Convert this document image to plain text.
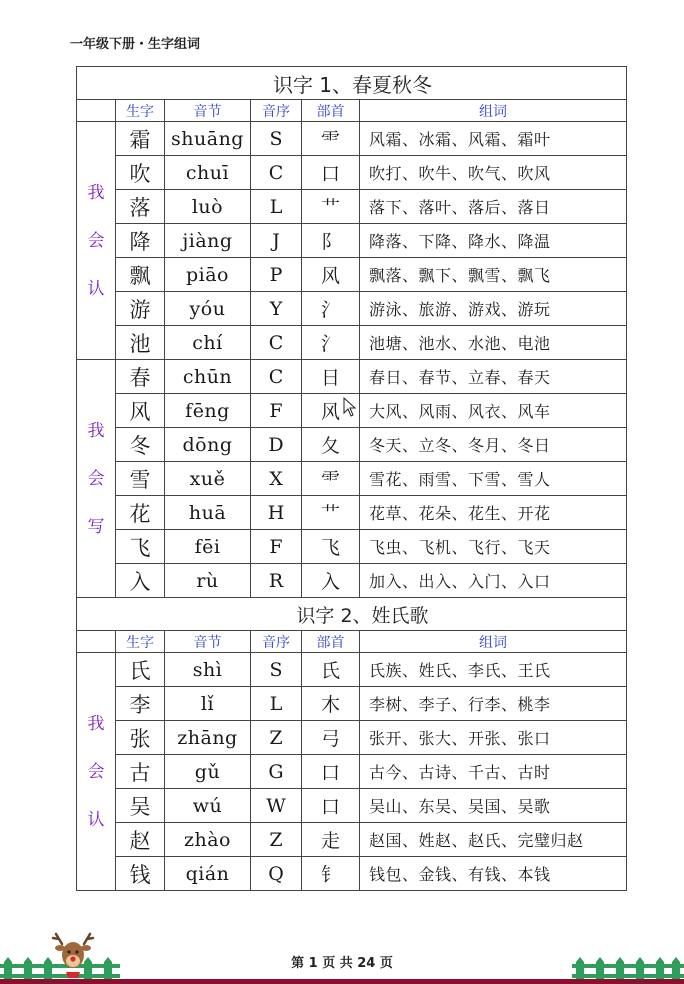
一年级下册・生字组词
识字 1、春夏秋冬					
	生字	音节	音序	部首	组词

我
会
认	霜	shuāng	S	⻗	风霜、冰霜、风霜、霜叶
	吹	chuī	C	口	吹打、吹牛、吹气、吹风
	落	luò	L	艹	落下、落叶、落后、落日
	降	jiàng	J	阝	降落、下降、降水、降温
	飘	piāo	P	风	飘落、飘下、飘雪、飘飞
	游	yóu	Y	氵	游泳、旅游、游戏、游玩
	池	chí	C	氵	池塘、池水、水池、电池

我
会
写	春	chūn	C	日	春日、春节、立春、春天
	风	fēng	F	风	大风、风雨、风衣、风车
	冬	dōng	D	夂	冬天、立冬、冬月、冬日
	雪	xuě	X	⻗	雪花、雨雪、下雪、雪人
	花	huā	H	艹	花草、花朵、花生、开花
	飞	fēi	F	飞	飞虫、飞机、飞行、飞天
	入	rù	R	入	加入、出入、入门、入口
识字 2、姓氏歌					
	生字	音节	音序	部首	组词

我
会
认	氏	shì	S	氏	氏族、姓氏、李氏、王氏
	李	lǐ	L	木	李树、李子、行李、桃李
	张	zhāng	Z	弓	张开、张大、开张、张口
	古	gǔ	G	口	古今、古诗、千古、古时
	吴	wú	W	口	吴山、东吴、吴国、吴歌
	赵	zhào	Z	走	赵国、姓赵、赵氏、完璧归赵
	钱	qián	Q	钅	钱包、金钱、有钱、本钱
第 1 页 共 24 页
